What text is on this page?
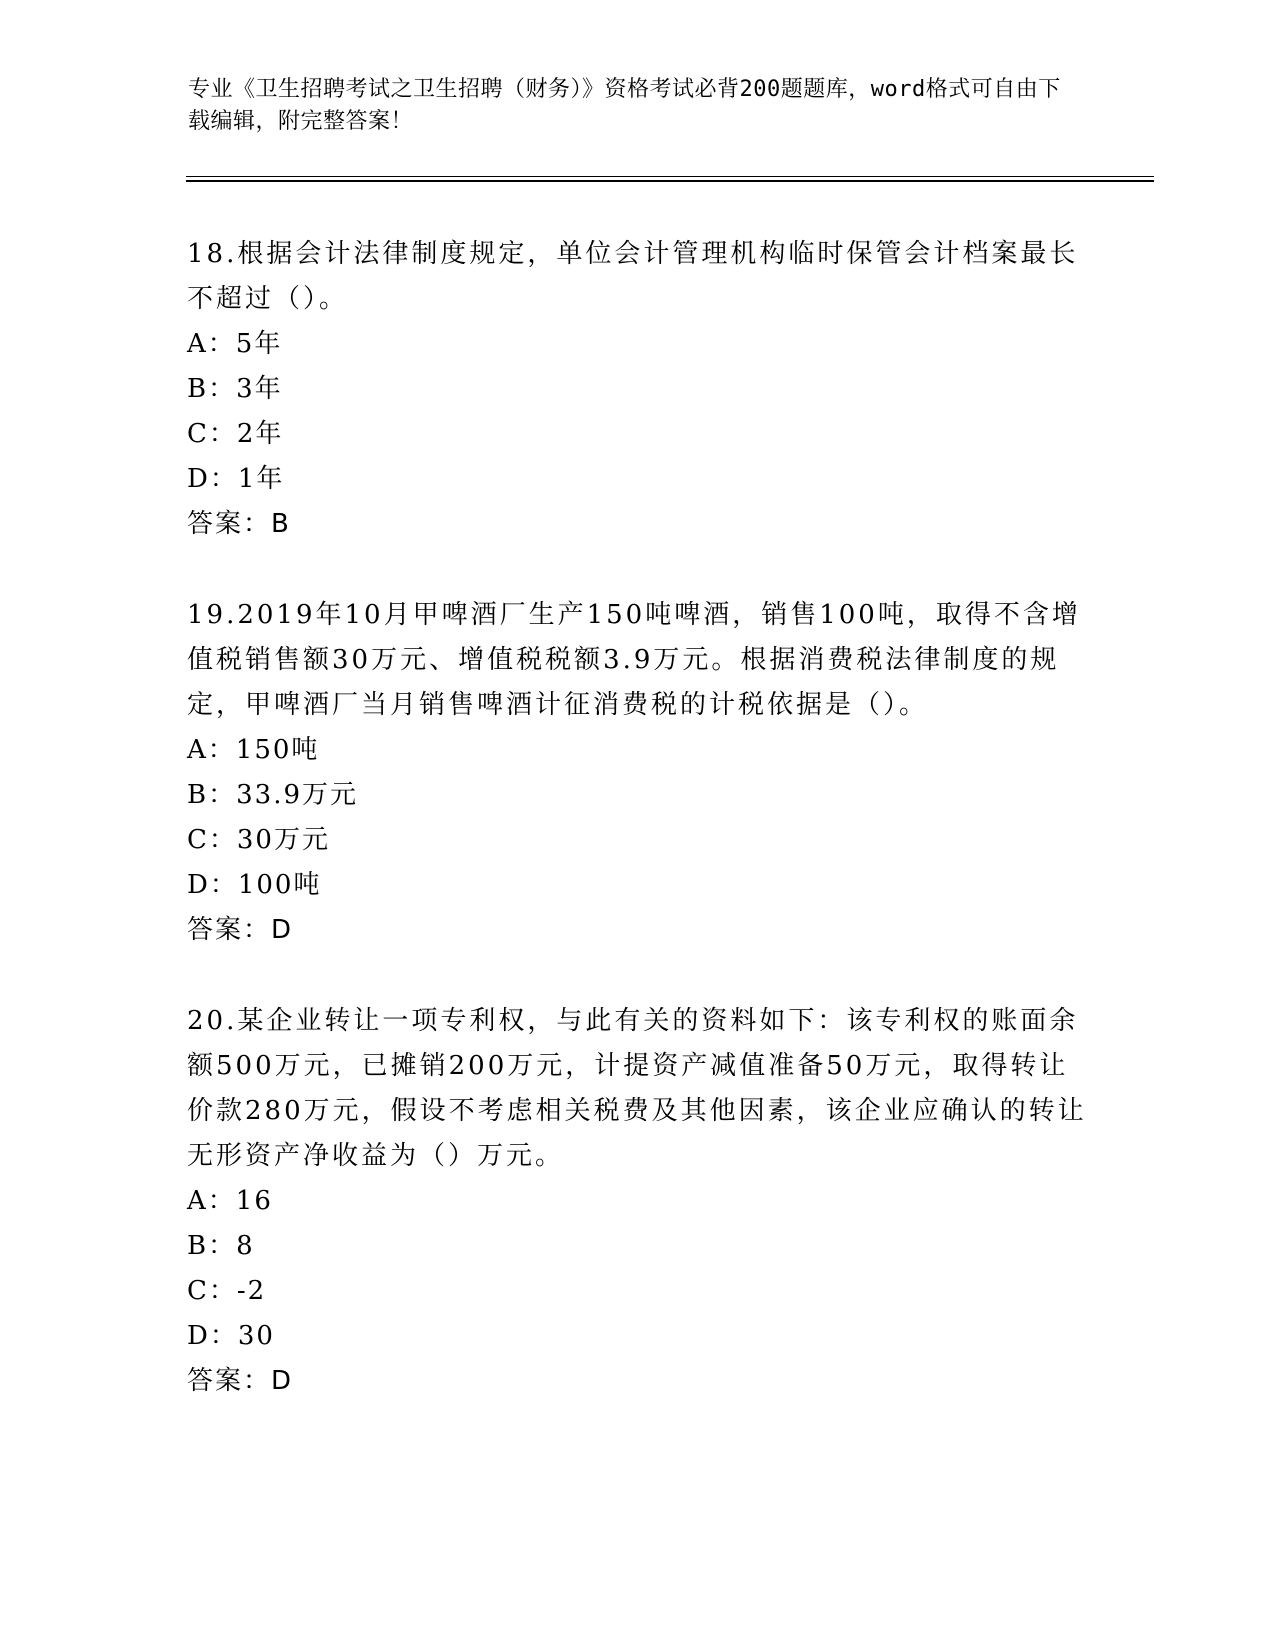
专业《卫生招聘考试之卫生招聘（财务）》资格考试必背200题题库，word格式可自由下载编辑，附完整答案！
18.根据会计法律制度规定，单位会计管理机构临时保管会计档案最长不超过（）。
A：5年
B：3年
C：2年
D：1年
答案：B
19.2019年10月甲啤酒厂生产150吨啤酒，销售100吨，取得不含增值税销售额30万元、增值税税额3.9万元。根据消费税法律制度的规定，甲啤酒厂当月销售啤酒计征消费税的计税依据是（）。
A：150吨
B：33.9万元
C：30万元
D：100吨
答案：D
20.某企业转让一项专利权，与此有关的资料如下：该专利权的账面余额500万元，已摊销200万元，计提资产减值准备50万元，取得转让价款280万元，假设不考虑相关税费及其他因素，该企业应确认的转让无形资产净收益为（）万元。
A：16
B：8
C：-2
D：30
答案：D
